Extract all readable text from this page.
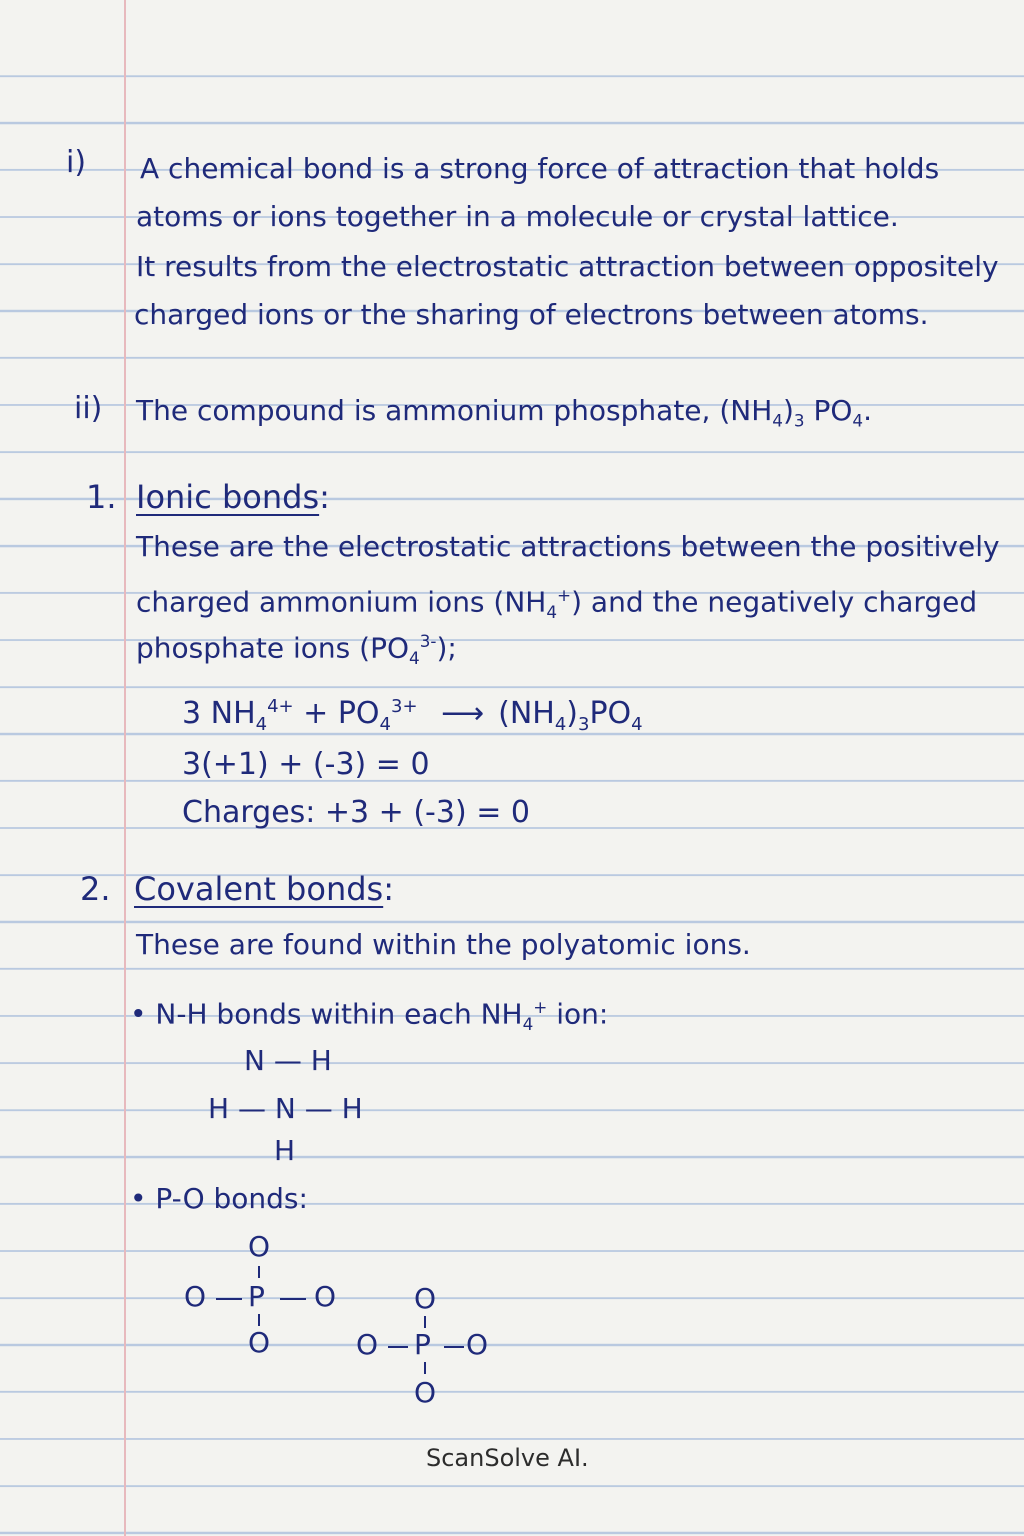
i) A chemical bond is a strong force of attraction that holds
atoms or ions together in a molecule or crystal lattice.
It results from the electrostatic attraction between oppositely
charged ions or the sharing of electrons between atoms.
ii) The compound is ammonium phosphate, $(NH_4)_3$ $PO_4$.
1. Ionic bonds:
These are the electrostatic attractions between the positively
charged ammonium ions $(NH_4^+)$ and the negatively charged
phosphate ions $(PO_4^{3-})$;
3 $NH_4^{4+} + PO_4^{3+}$ ⟶ $(NH_4)_3PO_4$
3(+1) + (-3) = 0
Charges: +3 + (-3) = 0
2. Covalent bonds:
These are found within the polyatomic ions.
• N-H bonds within each $NH_4^+$ ion:
N — H
H — N — H
H
• P-O bonds:
O
O P O
O
O
O P O
O
ScanSolve AI.
